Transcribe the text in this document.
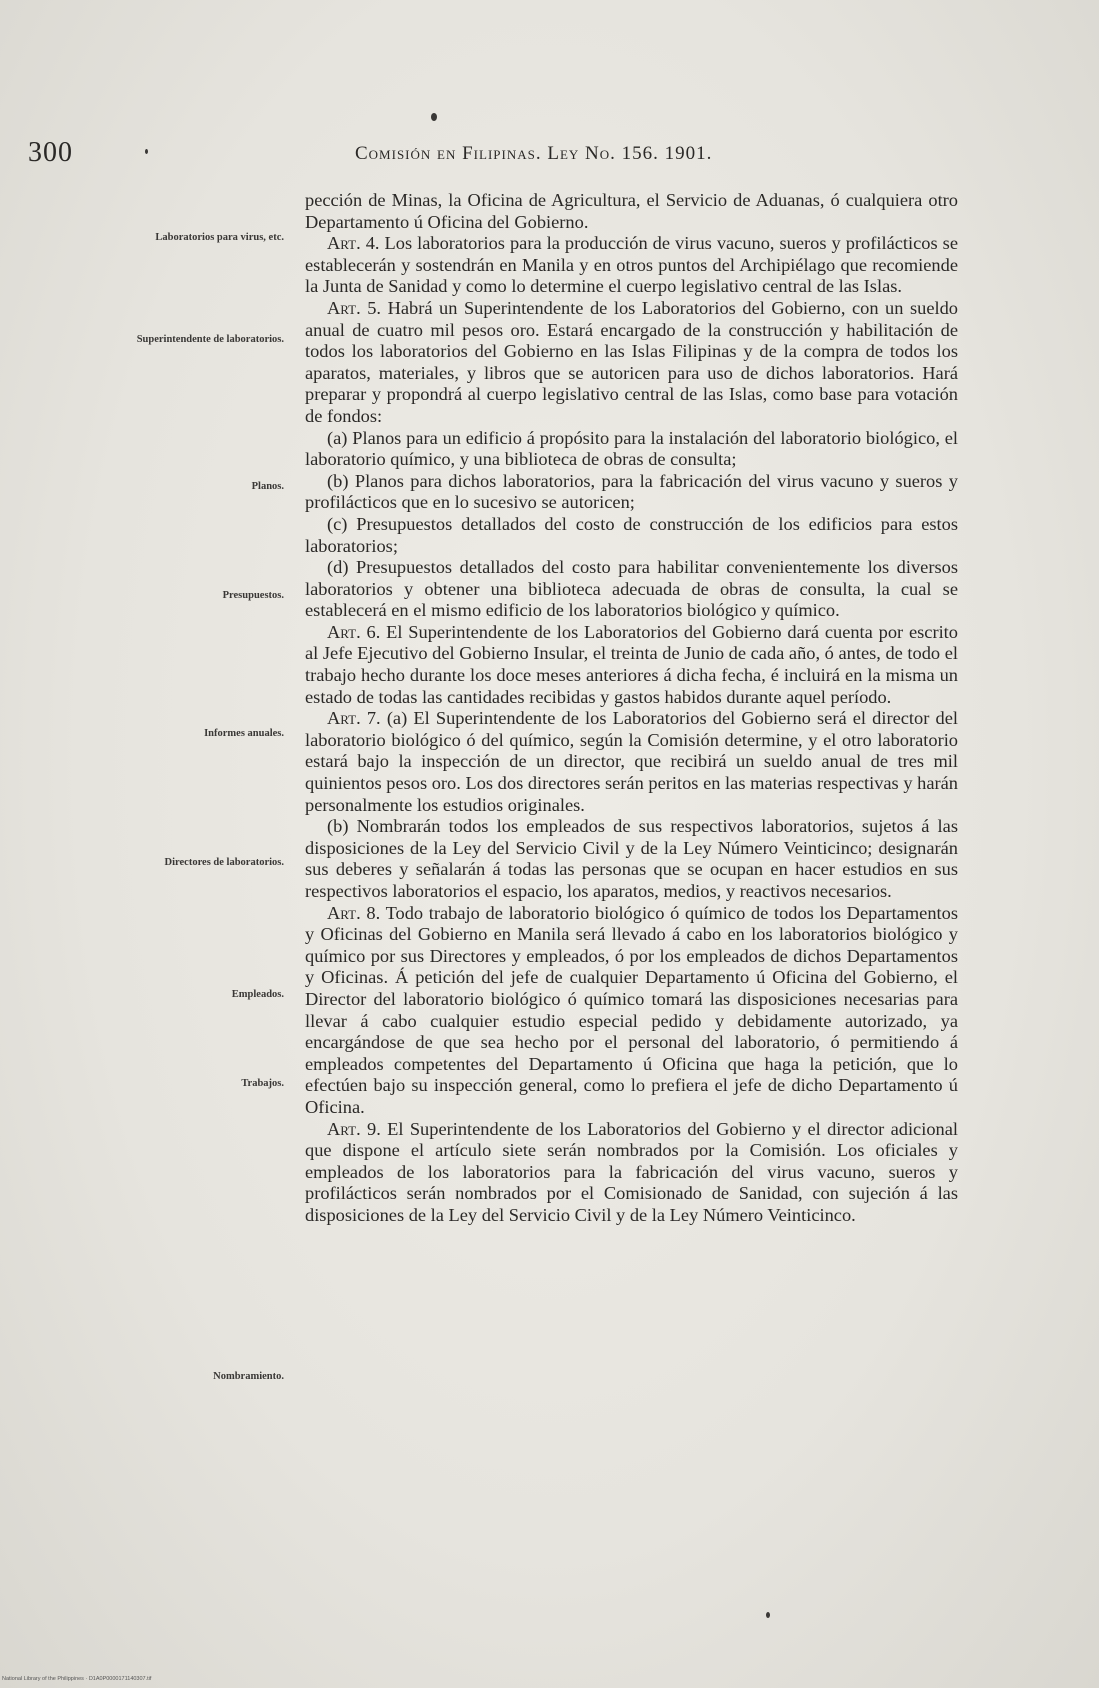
300	Comisión en Filipinas. Ley No. 156. 1901.
Laboratorios para virus, etc.
Superintendente de laboratorios.
Planos.
Presupuestos.
Informes anuales.
Directores de laboratorios.
Empleados.
Trabajos.
Nombramiento.

pección de Minas, la Oficina de Agricultura, el Servicio de Aduanas, ó cualquiera otro Departamento ú Oficina del Gobierno.

Art. 4. Los laboratorios para la producción de virus vacuno, sueros y profilácticos se establecerán y sostendrán en Manila y en otros puntos del Archipiélago que recomiende la Junta de Sanidad y como lo determine el cuerpo legislativo central de las Islas.

Art. 5. Habrá un Superintendente de los Laboratorios del Gobierno, con un sueldo anual de cuatro mil pesos oro. Estará encargado de la construcción y habilitación de todos los laboratorios del Gobierno en las Islas Filipinas y de la compra de todos los aparatos, materiales, y libros que se autoricen para uso de dichos laboratorios. Hará preparar y propondrá al cuerpo legislativo central de las Islas, como base para votación de fondos:

(a) Planos para un edificio á propósito para la instalación del laboratorio biológico, el laboratorio químico, y una biblioteca de obras de consulta;

(b) Planos para dichos laboratorios, para la fabricación del virus vacuno y sueros y profilácticos que en lo sucesivo se autoricen;

(c) Presupuestos detallados del costo de construcción de los edificios para estos laboratorios;

(d) Presupuestos detallados del costo para habilitar convenientemente los diversos laboratorios y obtener una biblioteca adecuada de obras de consulta, la cual se establecerá en el mismo edificio de los laboratorios biológico y químico.

Art. 6. El Superintendente de los Laboratorios del Gobierno dará cuenta por escrito al Jefe Ejecutivo del Gobierno Insular, el treinta de Junio de cada año, ó antes, de todo el trabajo hecho durante los doce meses anteriores á dicha fecha, é incluirá en la misma un estado de todas las cantidades recibidas y gastos habidos durante aquel período.

Art. 7. (a) El Superintendente de los Laboratorios del Gobierno será el director del laboratorio biológico ó del químico, según la Comisión determine, y el otro laboratorio estará bajo la inspección de un director, que recibirá un sueldo anual de tres mil quinientos pesos oro. Los dos directores serán peritos en las materias respectivas y harán personalmente los estudios originales.

(b) Nombrarán todos los empleados de sus respectivos laboratorios, sujetos á las disposiciones de la Ley del Servicio Civil y de la Ley Número Veinticinco; designarán sus deberes y señalarán á todas las personas que se ocupan en hacer estudios en sus respectivos laboratorios el espacio, los aparatos, medios, y reactivos necesarios.

Art. 8. Todo trabajo de laboratorio biológico ó químico de todos los Departamentos y Oficinas del Gobierno en Manila será llevado á cabo en los laboratorios biológico y químico por sus Directores y empleados, ó por los empleados de dichos Departamentos y Oficinas. Á petición del jefe de cualquier Departamento ú Oficina del Gobierno, el Director del laboratorio biológico ó químico tomará las disposiciones necesarias para llevar á cabo cualquier estudio especial pedido y debidamente autorizado, ya encargándose de que sea hecho por el personal del laboratorio, ó permitiendo á empleados competentes del Departamento ú Oficina que haga la petición, que lo efectúen bajo su inspección general, como lo prefiera el jefe de dicho Departamento ú Oficina.

Art. 9. El Superintendente de los Laboratorios del Gobierno y el director adicional que dispone el artículo siete serán nombrados por la Comisión. Los oficiales y empleados de los laboratorios para la fabricación del virus vacuno, sueros y profilácticos serán nombrados por el Comisionado de Sanidad, con sujeción á las disposiciones de la Ley del Servicio Civil y de la Ley Número Veinticinco.

National Library of the Philippines · D1A0P0000171140307.tif
